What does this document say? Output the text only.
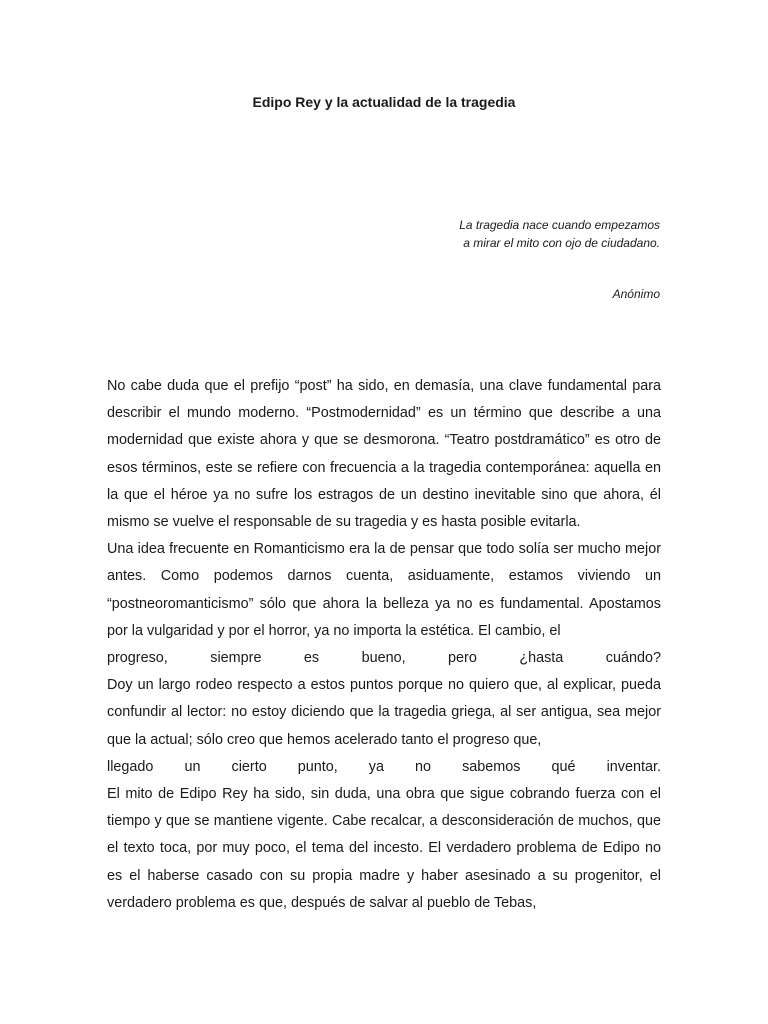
Edipo Rey y la actualidad de la tragedia
La tragedia nace cuando empezamos
a mirar el mito con ojo de ciudadano.
Anónimo

No cabe duda que el prefijo “post” ha sido, en demasía, una clave fundamental para describir el mundo moderno. “Postmodernidad” es un término que describe a una modernidad que existe ahora y que se desmorona. “Teatro postdramático” es otro de esos términos, este se refiere con frecuencia a la tragedia contemporánea: aquella en la que el héroe ya no sufre los estragos de un destino inevitable sino que ahora, él mismo se vuelve el responsable de su tragedia y es hasta posible evitarla.

Una idea frecuente en Romanticismo era la de pensar que todo solía ser mucho mejor antes. Como podemos darnos cuenta, asiduamente, estamos viviendo un “postneoromanticismo” sólo que ahora la belleza ya no es fundamental. Apostamos por la vulgaridad y por el horror, ya no importa la estética. El cambio, el
progreso, siempre es bueno, pero ¿hasta cuándo?

Doy un largo rodeo respecto a estos puntos porque no quiero que, al explicar, pueda confundir al lector: no estoy diciendo que la tragedia griega, al ser antigua, sea mejor que la actual; sólo creo que hemos acelerado tanto el progreso que,
llegado un cierto punto, ya no sabemos qué inventar.

El mito de Edipo Rey ha sido, sin duda, una obra que sigue cobrando fuerza con el tiempo y que se mantiene vigente. Cabe recalcar, a desconsideración de muchos, que el texto toca, por muy poco, el tema del incesto. El verdadero problema de Edipo no es el haberse casado con su propia madre y haber asesinado a su progenitor, el verdadero problema es que, después de salvar al pueblo de Tebas,
